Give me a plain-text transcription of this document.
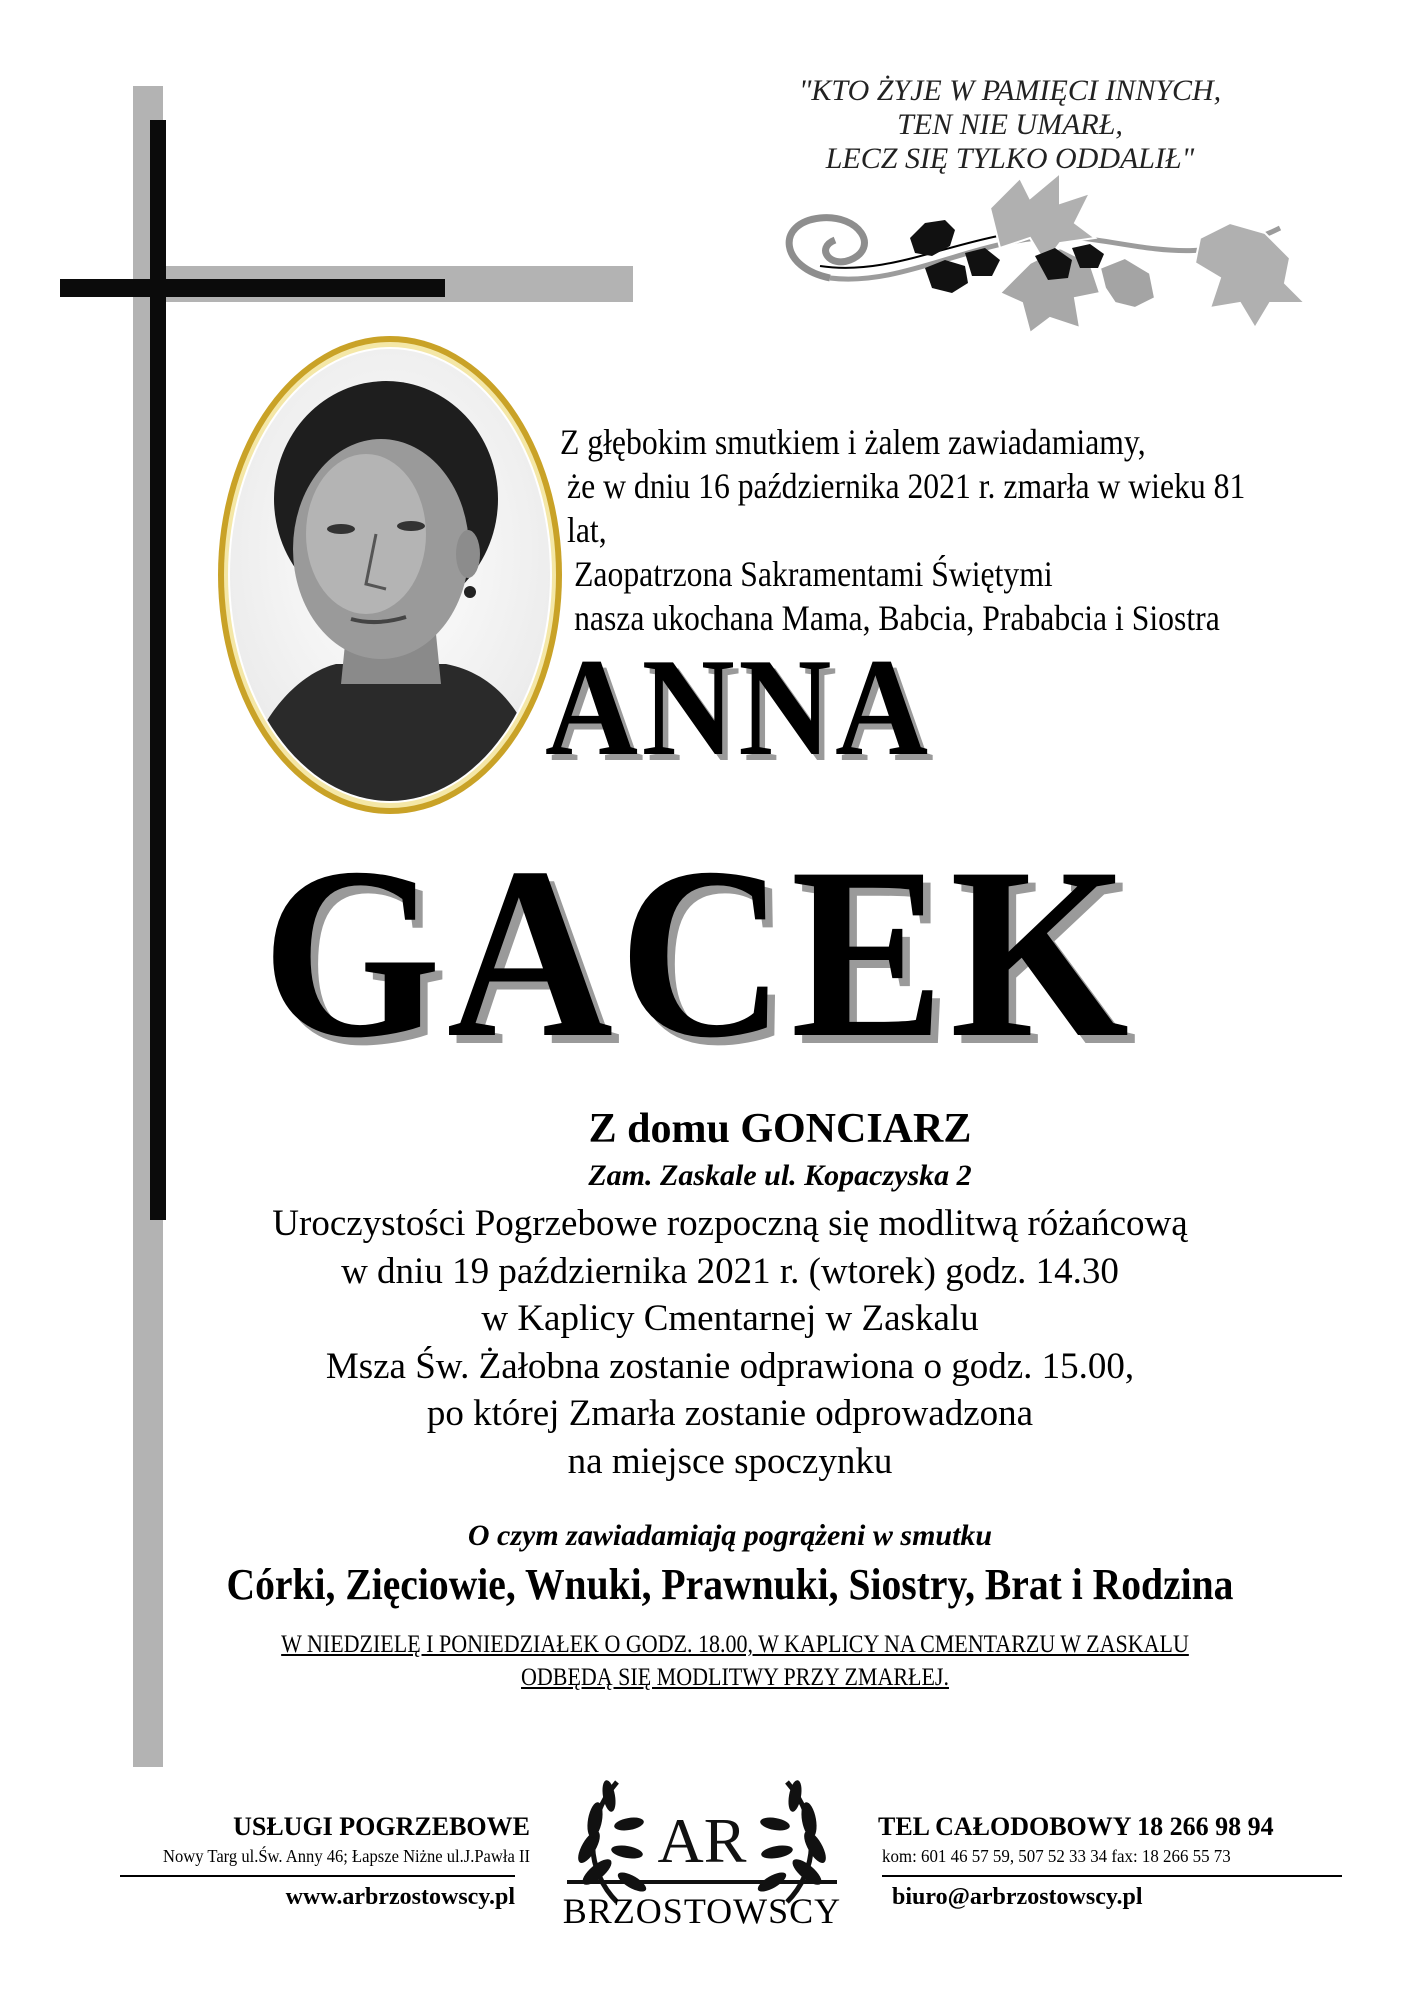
"KTO ŻYJE W PAMIĘCI INNYCH,
TEN NIE UMARŁ,
LECZ SIĘ TYLKO ODDALIŁ"
Z głębokim smutkiem i żalem zawiadamiamy,
że w dniu 16 października 2021 r. zmarła w wieku 81 lat,
Zaopatrzona Sakramentami Świętymi
nasza ukochana Mama, Babcia, Prababcia i Siostra
ANNA
GACEK
Z domu GONCIARZ
Zam. Zaskale ul. Kopaczyska 2
Uroczystości Pogrzebowe rozpoczną się modlitwą różańcową
w dniu 19 października 2021 r. (wtorek) godz. 14.30
w Kaplicy Cmentarnej w Zaskalu
Msza Św. Żałobna zostanie odprawiona o godz. 15.00,
po której Zmarła zostanie odprowadzona
na miejsce spoczynku
O czym zawiadamiają pogrążeni w smutku
Córki, Zięciowie, Wnuki, Prawnuki, Siostry, Brat i Rodzina
W NIEDZIELĘ I PONIEDZIAŁEK O GODZ. 18.00, W KAPLICY NA CMENTARZU W ZASKALU
ODBĘDĄ SIĘ MODLITWY PRZY ZMARŁEJ.
USŁUGI POGRZEBOWE
Nowy Targ ul.Św. Anny 46; Łapsze Niżne ul.J.Pawła II
www.arbrzostowscy.pl
AR
BRZOSTOWSCY
TEL CAŁODOBOWY 18 266 98 94
kom: 601 46 57 59, 507 52 33 34 fax: 18 266 55 73
biuro@arbrzostowscy.pl
